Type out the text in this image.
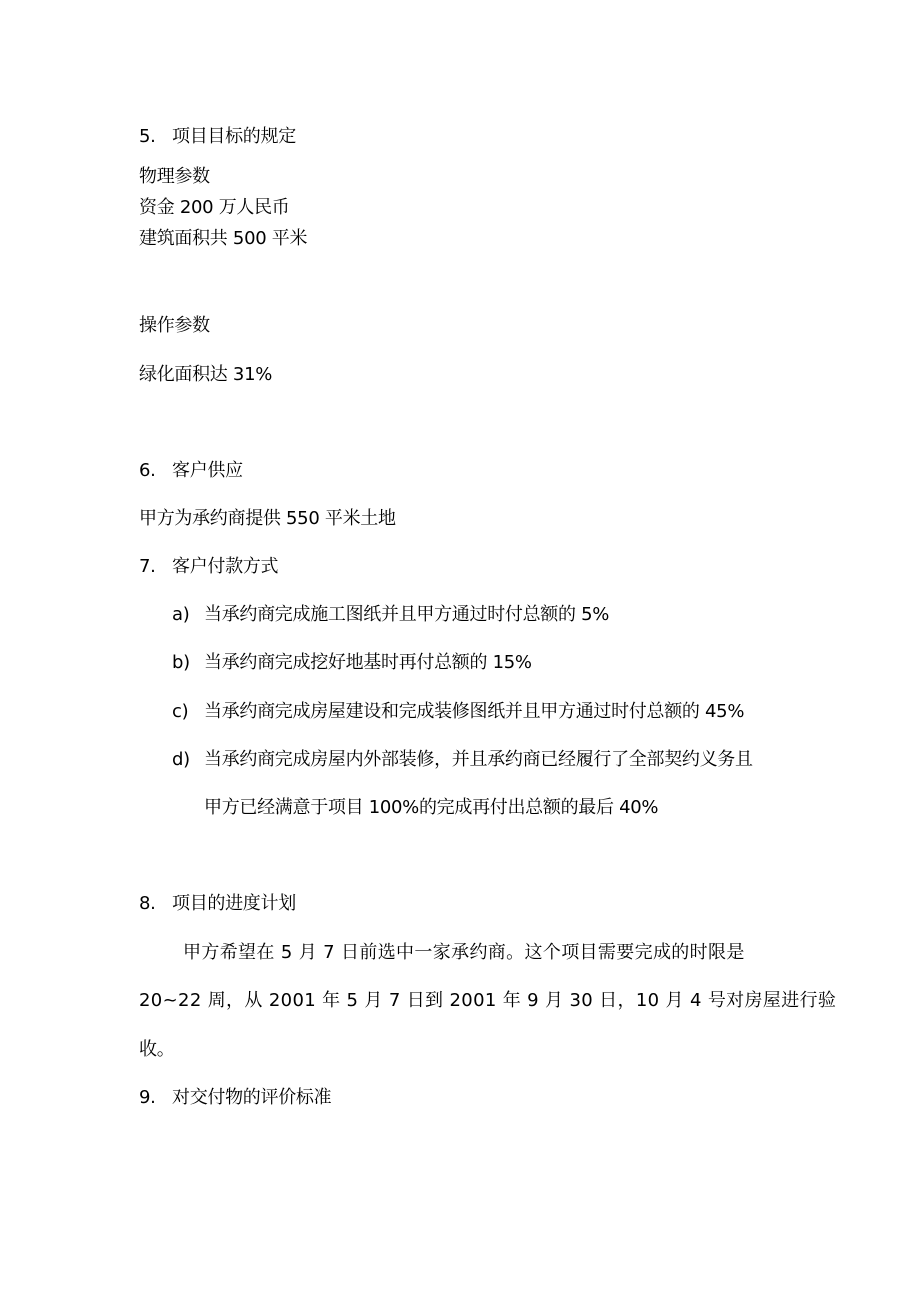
5. 项目目标的规定
物理参数
资金 200 万人民币
建筑面积共 500 平米
操作参数
绿化面积达 31%
6. 客户供应
甲方为承约商提供 550 平米土地
7. 客户付款方式
a) 当承约商完成施工图纸并且甲方通过时付总额的 5%
b) 当承约商完成挖好地基时再付总额的 15%
c) 当承约商完成房屋建设和完成装修图纸并且甲方通过时付总额的 45%
d) 当承约商完成房屋内外部装修，并且承约商已经履行了全部契约义务且
甲方已经满意于项目 100%的完成再付出总额的最后 40%
8. 项目的进度计划
甲方希望在 5 月 7 日前选中一家承约商。这个项目需要完成的时限是
20~22 周，从 2001 年 5 月 7 日到 2001 年 9 月 30 日，10 月 4 号对房屋进行验
收。
9. 对交付物的评价标准
